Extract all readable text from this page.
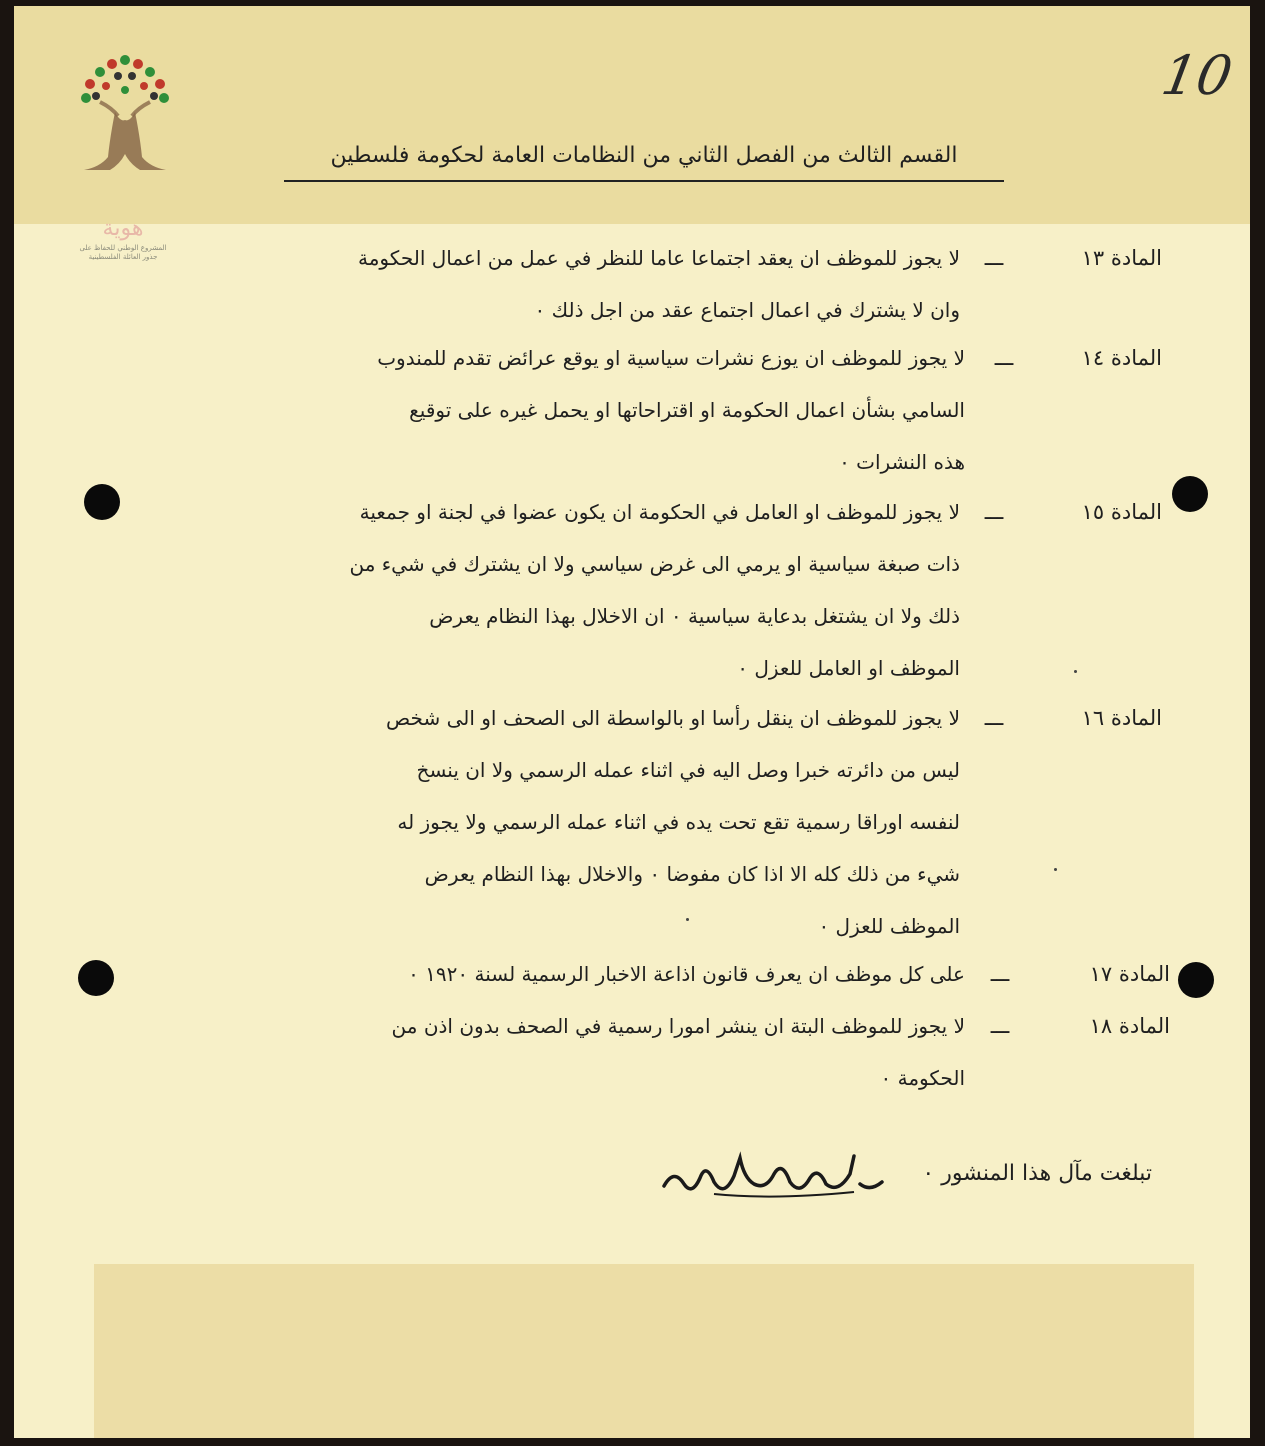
هوية
المشروع الوطني للحفاظ على
جذور العائلة الفلسطينية
10
القسم الثالث من الفصل الثاني من النظامات العامة لحكومة فلسطين
المادة ١٣
ـــ
لا يجوز للموظف ان يعقد اجتماعا عاما للنظر في عمل من اعمال الحكومة
وان لا يشترك في اعمال اجتماع عقد من اجل ذلك ٠
المادة ١٤
ـــ
لا يجوز للموظف ان يوزع نشرات سياسية او يوقع عرائض تقدم للمندوب
السامي بشأن اعمال الحكومة او اقتراحاتها او يحمل غيره على توقيع
هذه النشرات ٠
المادة ١٥
ـــ
لا يجوز للموظف او العامل في الحكومة ان يكون عضوا في لجنة او جمعية
ذات صبغة سياسية او يرمي الى غرض سياسي ولا ان يشترك في شيء من
ذلك ولا ان يشتغل بدعاية سياسية ٠ ان الاخلال بهذا النظام يعرض
الموظف او العامل للعزل ٠
المادة ١٦
ـــ
لا يجوز للموظف ان ينقل رأسا او بالواسطة الى الصحف او الى شخص
ليس من دائرته خبرا وصل اليه في اثناء عمله الرسمي ولا ان ينسخ
لنفسه اوراقا رسمية تقع تحت يده في اثناء عمله الرسمي ولا يجوز له
شيء من ذلك كله الا اذا كان مفوضا ٠ والاخلال بهذا النظام يعرض
الموظف للعزل ٠
المادة ١٧
ـــ
على كل موظف ان يعرف قانون اذاعة الاخبار الرسمية لسنة ١٩٢٠ ٠
المادة ١٨
ـــ
لا يجوز للموظف البتة ان ينشر امورا رسمية في الصحف بدون اذن من
الحكومة ٠
تبلغت مآل هذا المنشور ٠
